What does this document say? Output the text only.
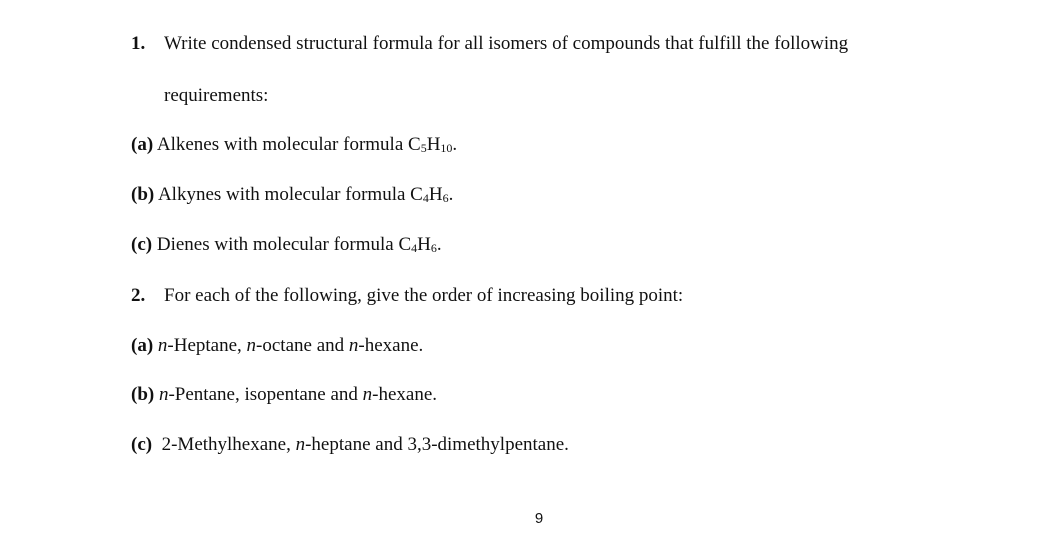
1. Write condensed structural formula for all isomers of compounds that fulfill the following
requirements:
(a) Alkenes with molecular formula $C_5H_{10}$.
(b) Alkynes with molecular formula $C_4H_6$.
(c) Dienes with molecular formula $C_4H_6$.
2. For each of the following, give the order of increasing boiling point:
(a) n-Heptane, n-octane and n-hexane.
(b) n-Pentane, isopentane and n-hexane.
(c) 2-Methylhexane, n-heptane and 3,3-dimethylpentane.
9
